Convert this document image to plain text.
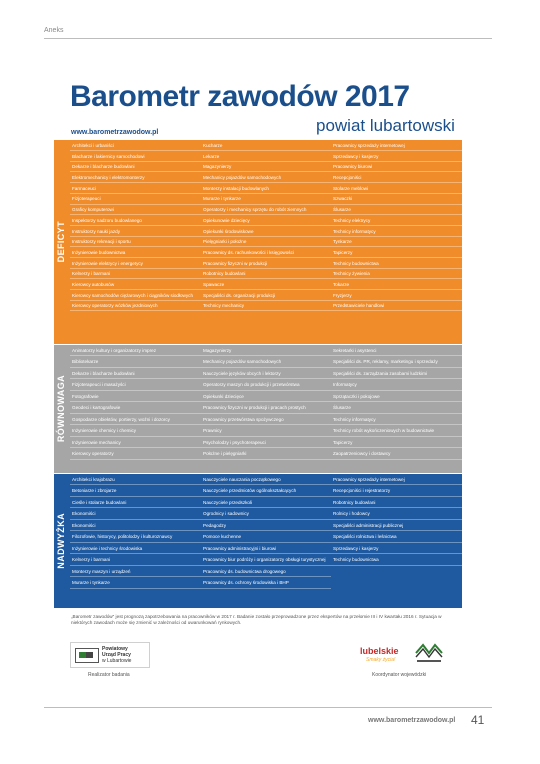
Aneks
Barometr zawodów 2017
powiat lubartowski
www.barometrzawodow.pl
DEFICYT
Architekci i urbaniści
Blacharze i lakiernicy samochodowi
Dekarze i blacharze budowlani
Elektromechanicy i elektromonterzy
Farmaceuci
Fizjoterapeuci
Graficy komputerowi
Inspektorzy nadzoru budowlanego
Instruktorzy nauki jazdy
Instruktorzy rekreacji i sportu
Inżynierowie budownictwa
Inżynierowie elektrycy i energetycy
Kelnerzy i barmani
Kierowcy autobusów
Kierowcy samochodów ciężarowych i ciągników siodłowych
Kierowcy operatorzy wózków jezdniowych
Kucharze
Lekarze
Magazynierzy
Mechanicy pojazdów samochodowych
Monterzy instalacji budowlanych
Murarze i tynkarze
Operatorzy i mechanicy sprzętu do robót ziemnych
Opiekunowie dziecięcy
Opiekunki środowiskowe
Pielęgniarki i położne
Pracownicy ds. rachunkowości i księgowości
Pracownicy fizyczni w produkcji
Robotnicy budowlani
Spawacze
Specjaliści ds. organizacji produkcji
Technicy mechanicy
Pracownicy sprzedaży internetowej
Sprzedawcy i kasjerzy
Pracownicy biurowi
Recepcjoniści
Stolarze meblowi
Szwaczki
Ślusarze
Technicy elektrycy
Technicy informatycy
Tynkarze
Tapicerzy
Technicy budownictwa
Technicy żywienia
Tokarze
Fryzjerzy
Przedstawiciele handlowi
RÓWNOWAGA
Animatorzy kultury i organizatorzy imprez
Bibliotekarze
Dekarze i blacharze budowlani
Fizjoterapeuci i masażyści
Fotografowie
Geodeci i kartografowie
Gospodarze obiektów, portierzy, woźni i dozorcy
Inżynierowie chemicy i chemicy
Inżynierowie mechanicy
Kierowcy operatorzy
Magazynierzy
Mechanicy pojazdów samochodowych
Nauczyciele języków obcych i lektorzy
Operatorzy maszyn do produkcji i przetwórstwa
Opiekunki dziecięce
Pracownicy fizyczni w produkcji i pracach prostych
Pracownicy przetwórstwa spożywczego
Prawnicy
Psycholodzy i psychoterapeuci
Położne i pielęgniarki
Sekretarki i asystenci
Specjaliści ds. PR, reklamy, marketingu i sprzedaży
Specjaliści ds. zarządzania zasobami ludzkimi
Informatycy
Sprzątaczki i pokojowe
Ślusarze
Technicy informatycy
Technicy robót wykończeniowych w budownictwie
Tapicerzy
Zaopatrzeniowcy i dostawcy
NADWYŻKA
Architekci krajobrazu
Betoniarze i zbrojarze
Cieśle i stolarze budowlani
Ekonomiści
Ekonomiści
Filozofowie, historycy, politolodzy i kulturoznawcy
Inżynierowie i technicy środowiska
Kelnerzy i barmani
Monterzy maszyn i urządzeń
Murarze i tynkarze
Nauczyciele nauczania początkowego
Nauczyciele przedmiotów ogólnokształcących
Nauczyciele przedszkoli
Ogrodnicy i sadownicy
Pedagodzy
Pomoce kuchenne
Pracownicy administracyjni i biurowi
Pracownicy biur podróży i organizatorzy obsługi turystycznej
Pracownicy ds. budownictwa drogowego
Pracownicy ds. ochrony środowiska i BHP
Pracownicy sprzedaży internetowej
Recepcjoniści i rejestratorzy
Robotnicy budowlani
Rolnicy i hodowcy
Specjaliści administracji publicznej
Specjaliści rolnictwa i leśnictwa
Sprzedawcy i kasjerzy
Technicy budownictwa
„Barometr zawodów” jest prognozą zapotrzebowania na pracowników w 2017 r. Badanie zostało przeprowadzone przez ekspertów na przełomie III i IV kwartału 2016 r. Sytuacja w niektórych zawodach może się zmienić w zależności od uwarunkowań rynkowych.
Powiatowy
Urząd Pracy
w Lubartowie
Realizator badania
lubelskie
Smaky życia!
Koordynator wojewódzki
www.barometrzawodow.pl 41
